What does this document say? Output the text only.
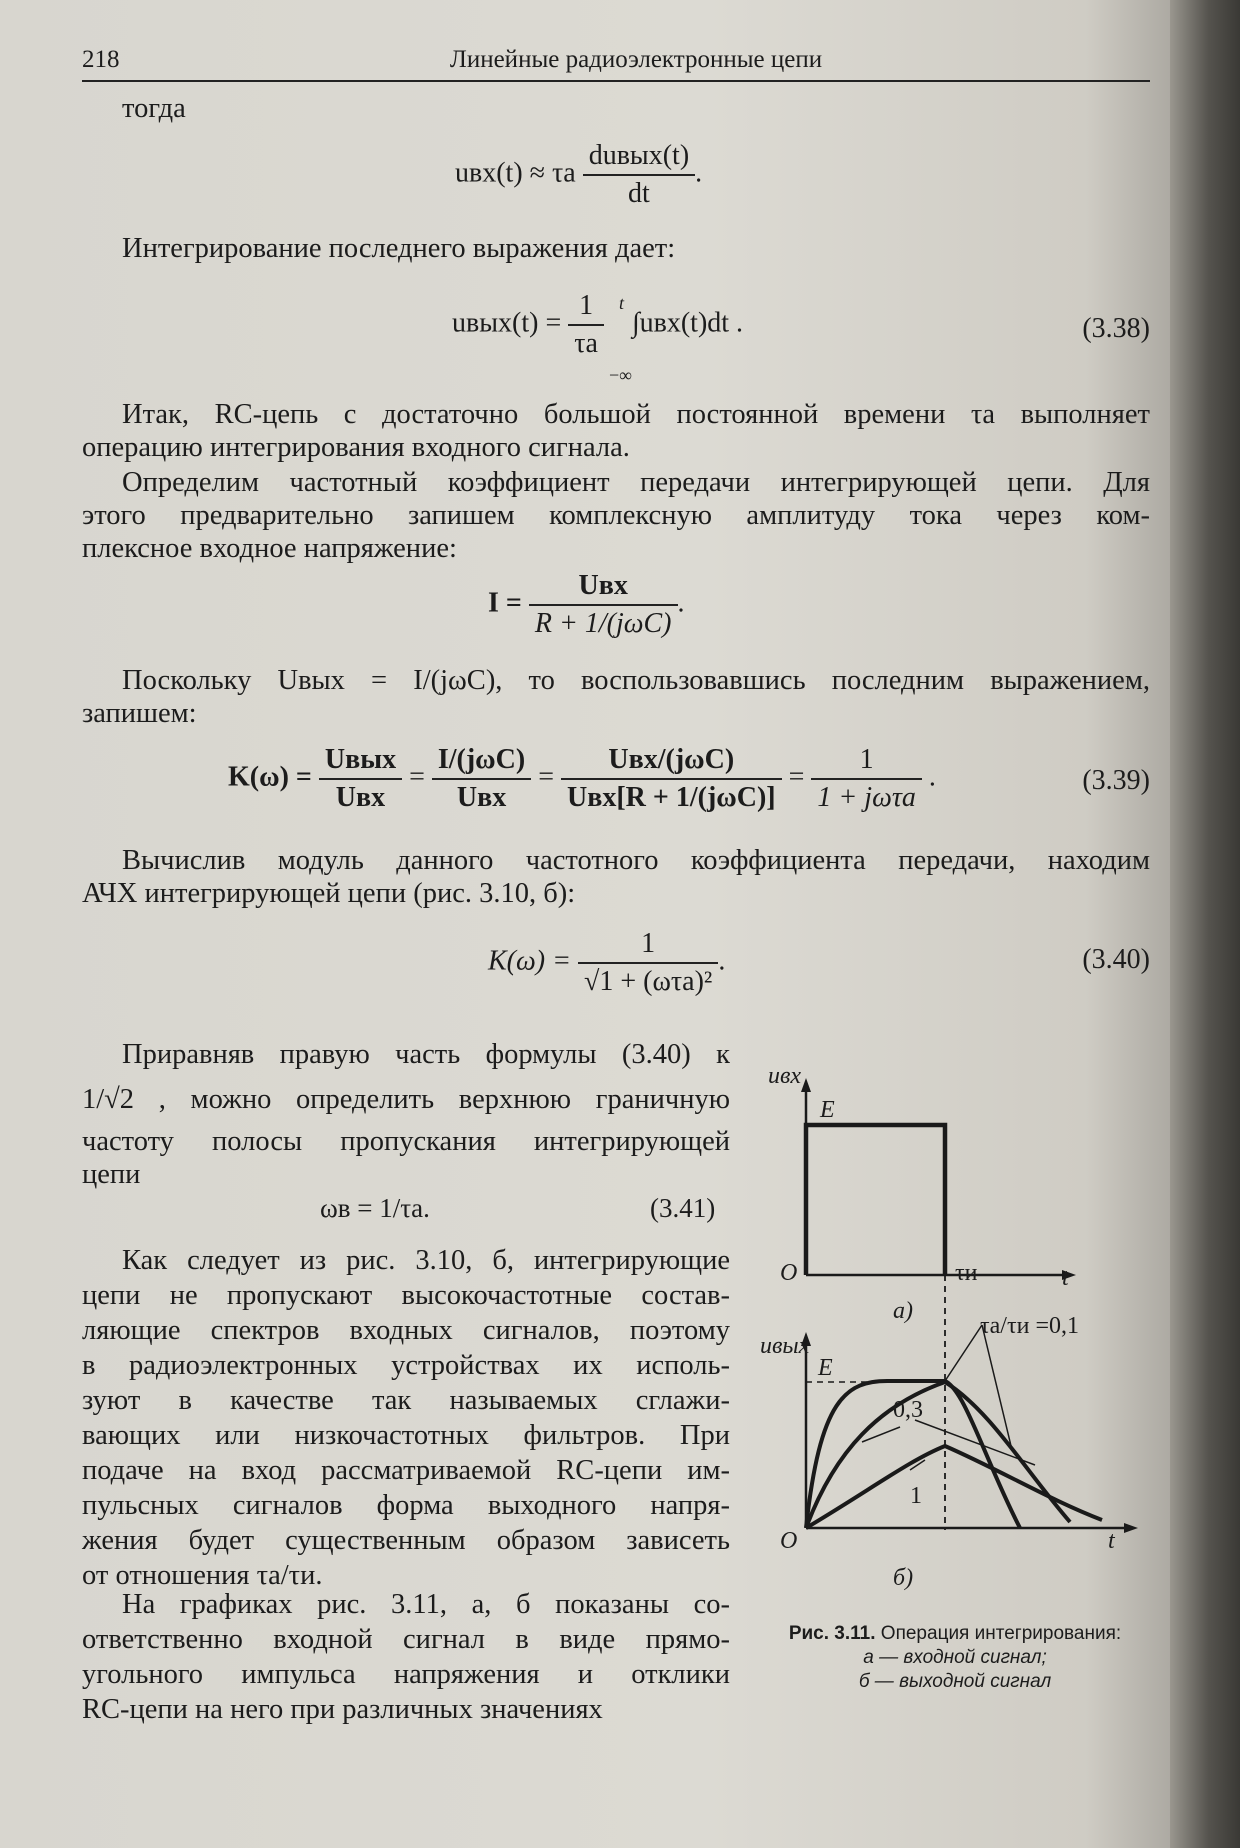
218	Линейные радиоэлектронные цепи
тогда
uвх(t) ≈ τa $\frac{\text{duвых(t)}}{dt}$ .
Интегрирование последнего выражения дает:
uвых(t) = $\frac{1}{\tau a}$
t
−∞
∫uвх(t)dt .	(3.38)
Итак, RC-цепь с достаточно большой постоянной времени τa выполняет
операцию интегрирования входного сигнала.
Определим частотный коэффициент передачи интегрирующей цепи. Для
этого предварительно запишем комплексную амплитуду тока через ком-
плексное входное напряжение:
$I = \frac{\text{Uвх}}{\text{R + 1/(jωC)}}$ .
Поскольку Uвых = I/(jωC), то воспользовавшись последним выражением,
запишем:
$K(\omega) = \frac{\text{Uвых}}{\text{Uвх}} = \frac{\text{I/(jωC)}}{\text{Uвх}} = \frac{\text{Uвх/(jωC)}}{\text{Uвх[R + 1/(jωC)]}} = \frac{1}{\text{1 + jωτa}}$ .	(3.39)
Вычислив модуль данного частотного коэффициента передачи, находим
АЧХ интегрирующей цепи (рис. 3.10, б):
$K(\omega) = \frac{1}{\text{√1 + (ωτa)²}}$ .	(3.40)
Приравняв правую часть формулы (3.40) к
1/√2 , можно определить верхнюю граничную
частоту полосы пропускания интегрирующей
цепи
ωв = 1/τa.	(3.41)
Как следует из рис. 3.10, б, интегрирующие
цепи не пропускают высокочастотные состав-
ляющие спектров входных сигналов, поэтому
в радиоэлектронных устройствах их исполь-
зуют в качестве так называемых сглажи-
вающих или низкочастотных фильтров. При
подаче на вход рассматриваемой RC-цепи им-
пульсных сигналов форма выходного напря-
жения будет существенным образом зависеть
от отношения τa/τи.
На графиках рис. 3.11, а, б показаны со-
ответственно входной сигнал в виде прямо-
угольного импульса напряжения и отклики
RC-цепи на него при различных значениях
uвх
E
O	τи	t
а)
uвых
E
τa/τи =0,1
0,3
1
O	t
б)
Рис. 3.11. Операция интегрирования:
а — входной сигнал;
б — выходной сигнал
